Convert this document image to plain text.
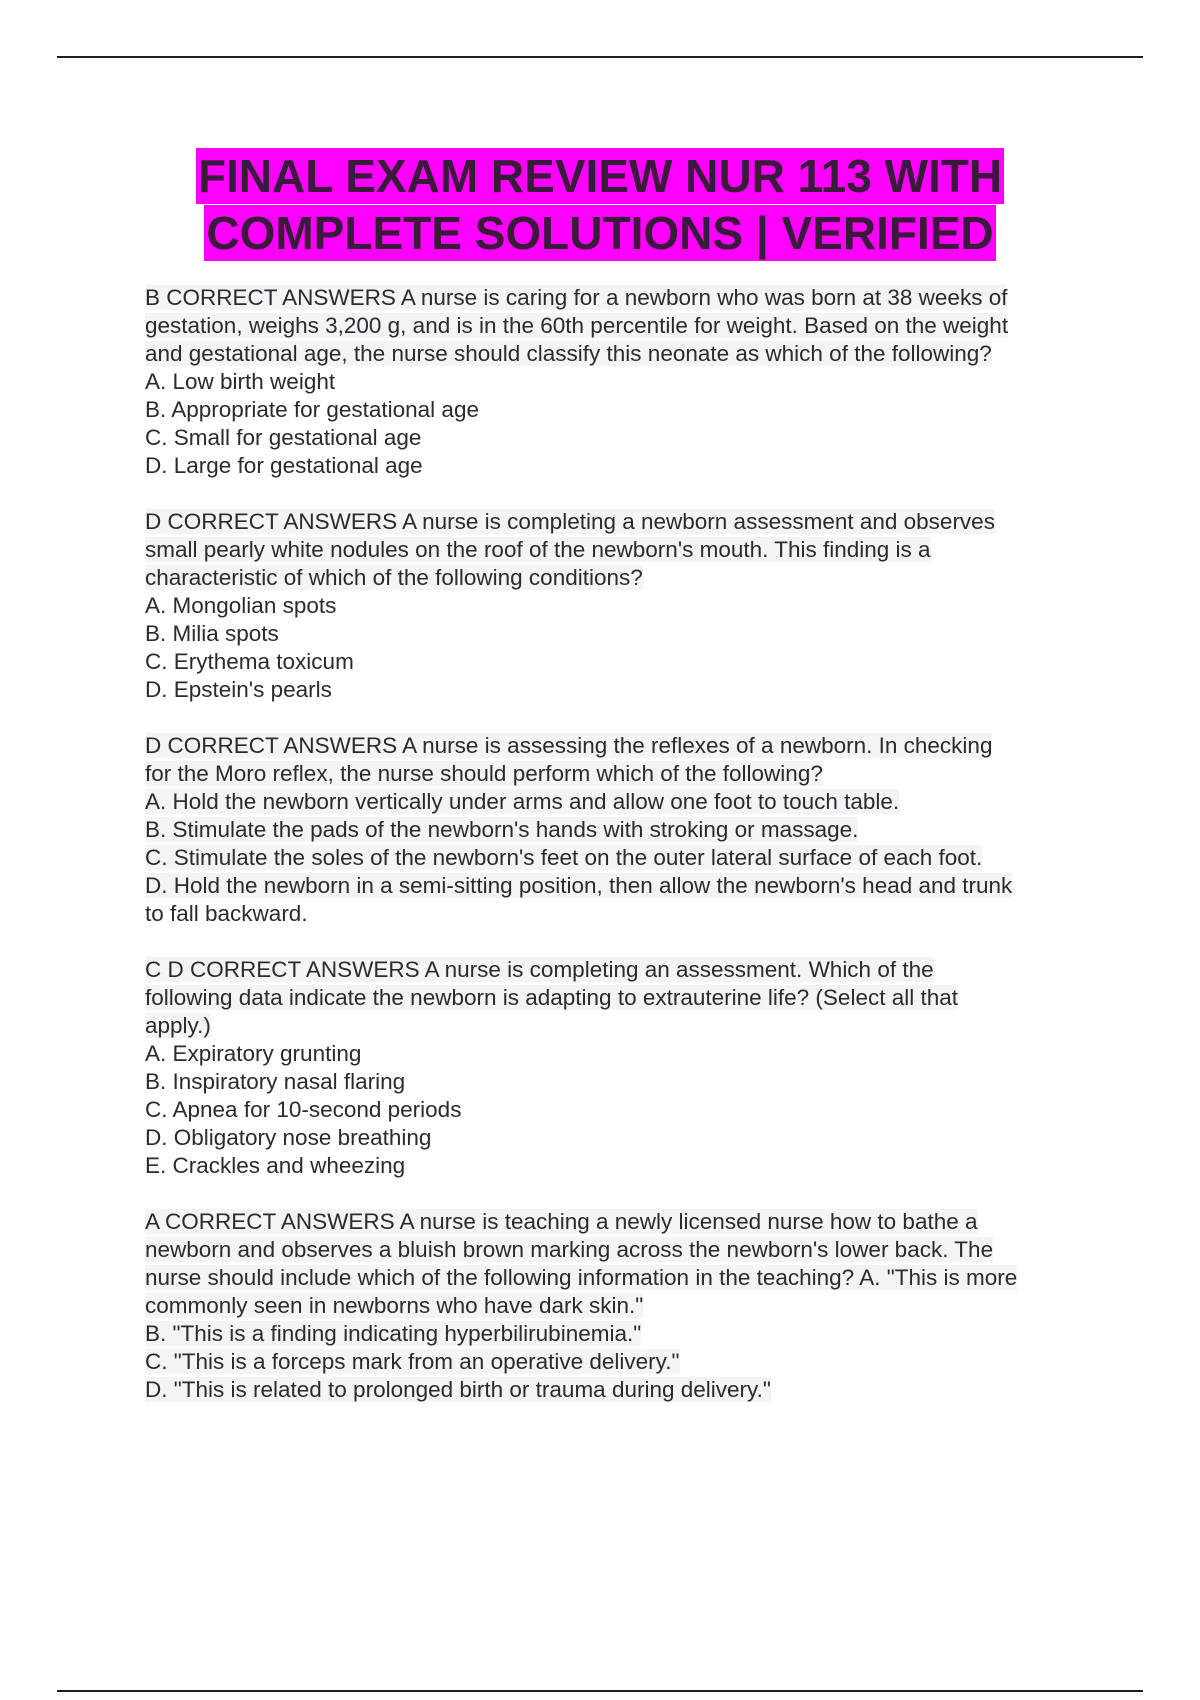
FINAL EXAM REVIEW NUR 113 WITH
COMPLETE SOLUTIONS | VERIFIED
B CORRECT ANSWERS A nurse is caring for a newborn who was born at 38 weeks of
gestation, weighs 3,200 g, and is in the 60th percentile for weight. Based on the weight
and gestational age, the nurse should classify this neonate as which of the following?
A. Low birth weight
B. Appropriate for gestational age
C. Small for gestational age
D. Large for gestational age
D CORRECT ANSWERS A nurse is completing a newborn assessment and observes
small pearly white nodules on the roof of the newborn's mouth. This finding is a
characteristic of which of the following conditions?
A. Mongolian spots
B. Milia spots
C. Erythema toxicum
D. Epstein's pearls
D CORRECT ANSWERS A nurse is assessing the reflexes of a newborn. In checking
for the Moro reflex, the nurse should perform which of the following?
A. Hold the newborn vertically under arms and allow one foot to touch table.
B. Stimulate the pads of the newborn's hands with stroking or massage.
C. Stimulate the soles of the newborn's feet on the outer lateral surface of each foot.
D. Hold the newborn in a semi-sitting position, then allow the newborn's head and trunk
to fall backward.
C D CORRECT ANSWERS A nurse is completing an assessment. Which of the
following data indicate the newborn is adapting to extrauterine life? (Select all that
apply.)
A. Expiratory grunting
B. Inspiratory nasal flaring
C. Apnea for 10-second periods
D. Obligatory nose breathing
E. Crackles and wheezing
A CORRECT ANSWERS A nurse is teaching a newly licensed nurse how to bathe a
newborn and observes a bluish brown marking across the newborn's lower back. The
nurse should include which of the following information in the teaching? A. "This is more
commonly seen in newborns who have dark skin."
B. "This is a finding indicating hyperbilirubinemia."
C. "This is a forceps mark from an operative delivery."
D. "This is related to prolonged birth or trauma during delivery."
